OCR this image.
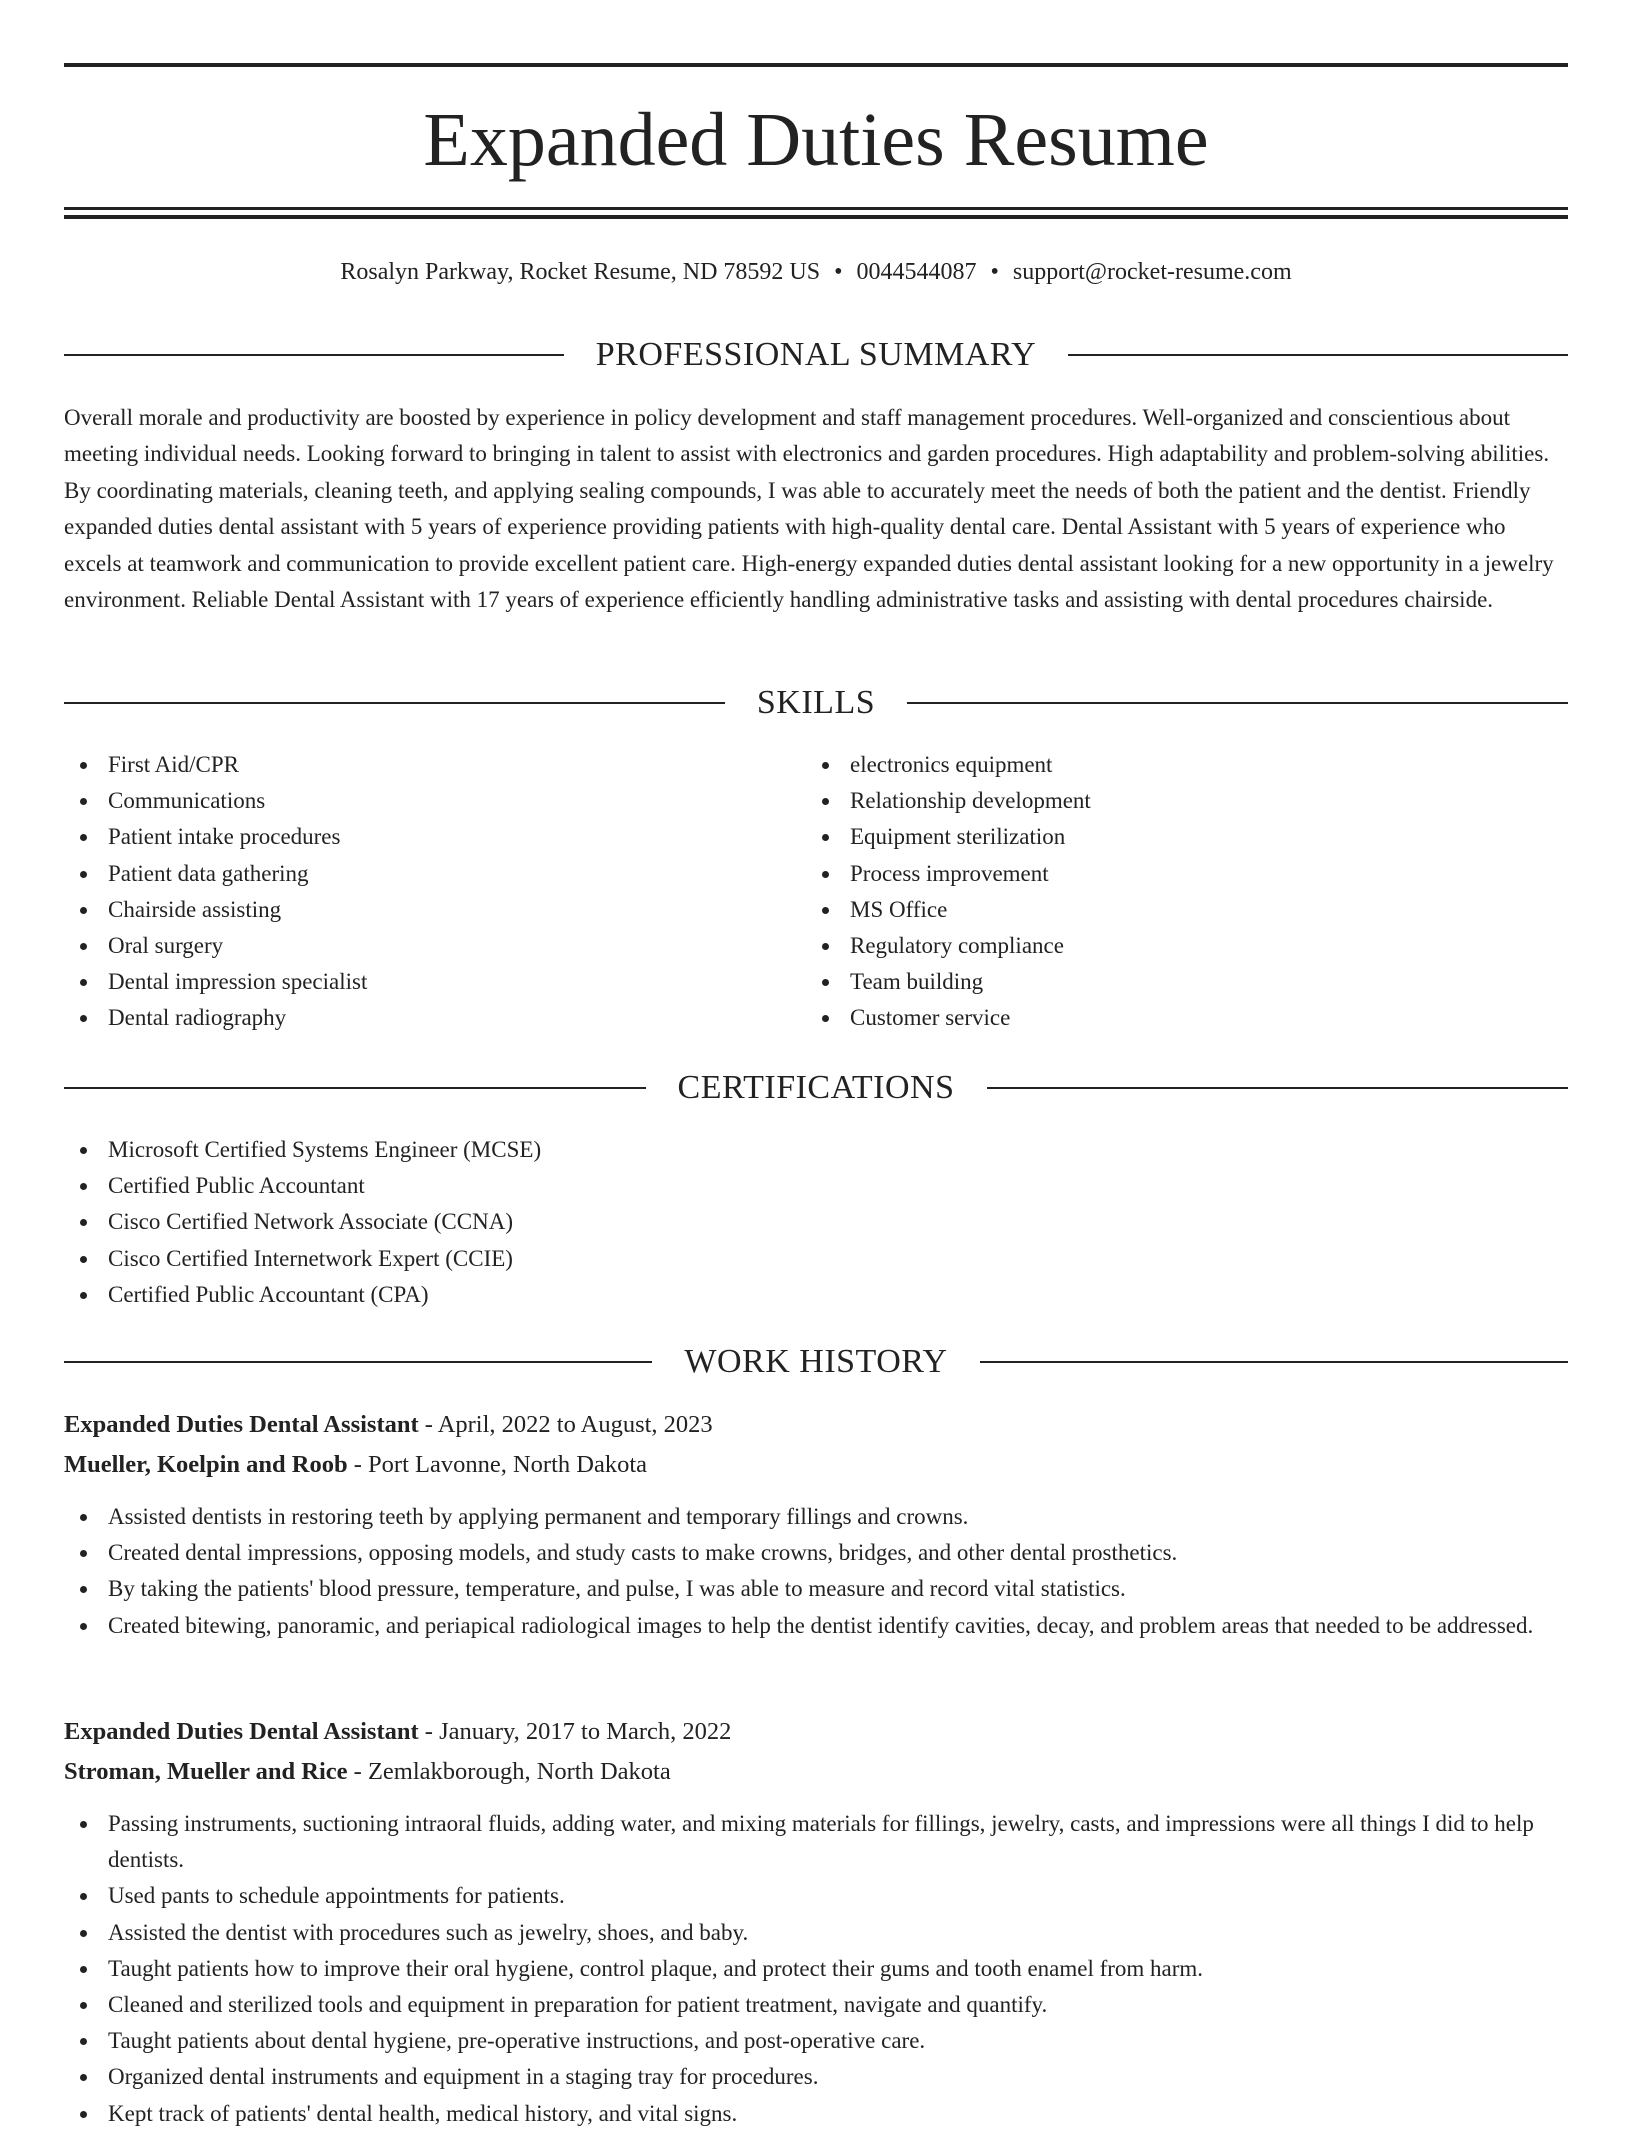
Expanded Duties Resume
Rosalyn Parkway, Rocket Resume, ND 78592 US • 0044544087 • support@rocket-resume.com
PROFESSIONAL SUMMARY

Overall morale and productivity are boosted by experience in policy development and staff management procedures. Well-organized and conscientious about meeting individual needs. Looking forward to bringing in talent to assist with electronics and garden procedures. High adaptability and problem-solving abilities. By coordinating materials, cleaning teeth, and applying sealing compounds, I was able to accurately meet the needs of both the patient and the dentist. Friendly expanded duties dental assistant with 5 years of experience providing patients with high-quality dental care. Dental Assistant with 5 years of experience who excels at teamwork and communication to provide excellent patient care. High-energy expanded duties dental assistant looking for a new opportunity in a jewelry environment. Reliable Dental Assistant with 17 years of experience efficiently handling administrative tasks and assisting with dental procedures chairside.

SKILLS
First Aid/CPR
Communications
Patient intake procedures
Patient data gathering
Chairside assisting
Oral surgery
Dental impression specialist
Dental radiography
electronics equipment
Relationship development
Equipment sterilization
Process improvement
MS Office
Regulatory compliance
Team building
Customer service
CERTIFICATIONS
Microsoft Certified Systems Engineer (MCSE)
Certified Public Accountant
Cisco Certified Network Associate (CCNA)
Cisco Certified Internetwork Expert (CCIE)
Certified Public Accountant (CPA)
WORK HISTORY
Expanded Duties Dental Assistant - April, 2022 to August, 2023
Mueller, Koelpin and Roob - Port Lavonne, North Dakota
Assisted dentists in restoring teeth by applying permanent and temporary fillings and crowns.
Created dental impressions, opposing models, and study casts to make crowns, bridges, and other dental prosthetics.
By taking the patients' blood pressure, temperature, and pulse, I was able to measure and record vital statistics.
Created bitewing, panoramic, and periapical radiological images to help the dentist identify cavities, decay, and problem areas that needed to be addressed.
Expanded Duties Dental Assistant - January, 2017 to March, 2022
Stroman, Mueller and Rice - Zemlakborough, North Dakota
Passing instruments, suctioning intraoral fluids, adding water, and mixing materials for fillings, jewelry, casts, and impressions were all things I did to help dentists.
Used pants to schedule appointments for patients.
Assisted the dentist with procedures such as jewelry, shoes, and baby.
Taught patients how to improve their oral hygiene, control plaque, and protect their gums and tooth enamel from harm.
Cleaned and sterilized tools and equipment in preparation for patient treatment, navigate and quantify.
Taught patients about dental hygiene, pre-operative instructions, and post-operative care.
Organized dental instruments and equipment in a staging tray for procedures.
Kept track of patients' dental health, medical history, and vital signs.
